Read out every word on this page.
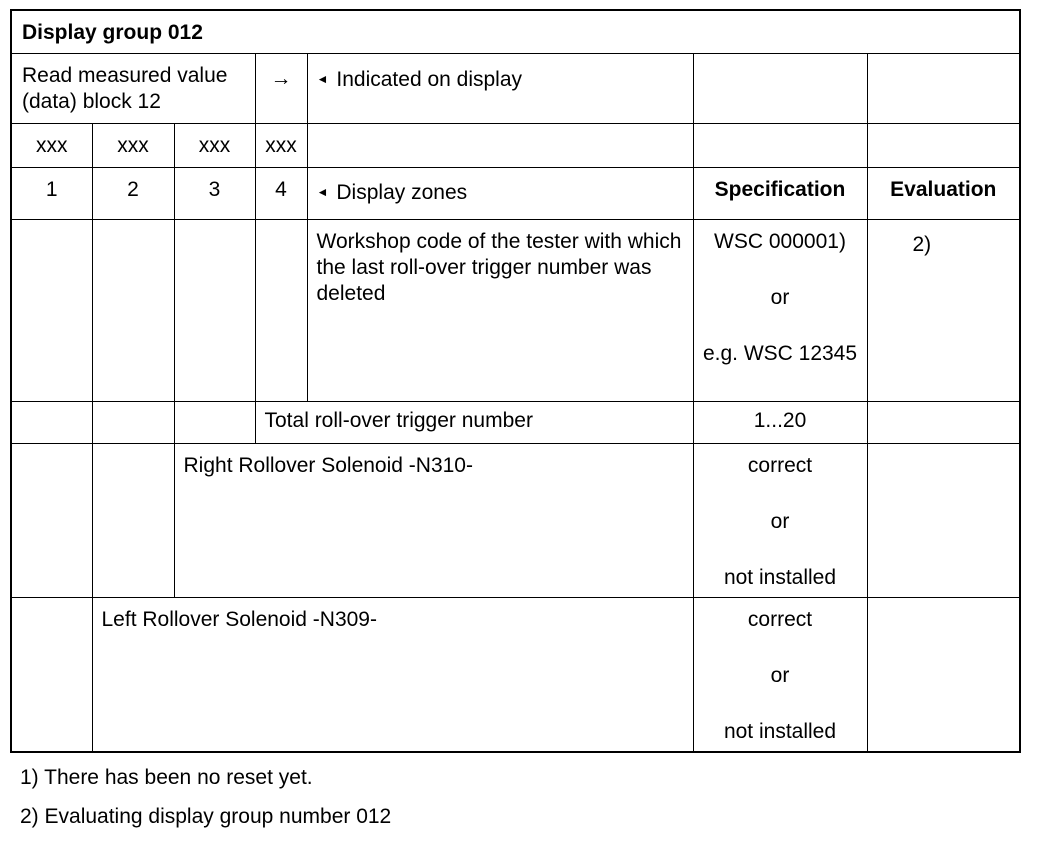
Display group 012						
Read measured value (data) block 12			→	◄ Indicated on display		
xxx	xxx	xxx	xxx			
1	2	3	4	◄ Display zones	Specification	Evaluation
				Workshop code of the tester with which the last roll-over trigger number was deleted	WSC 000001)

or

e.g. WSC 12345	2)
			Total roll-over trigger number		1...20	
		Right Rollover Solenoid -N310-			correct

or

not installed	
	Left Rollover Solenoid -N309-				correct

or

not installed	
1) There has been no reset yet.
2) Evaluating display group number 012
